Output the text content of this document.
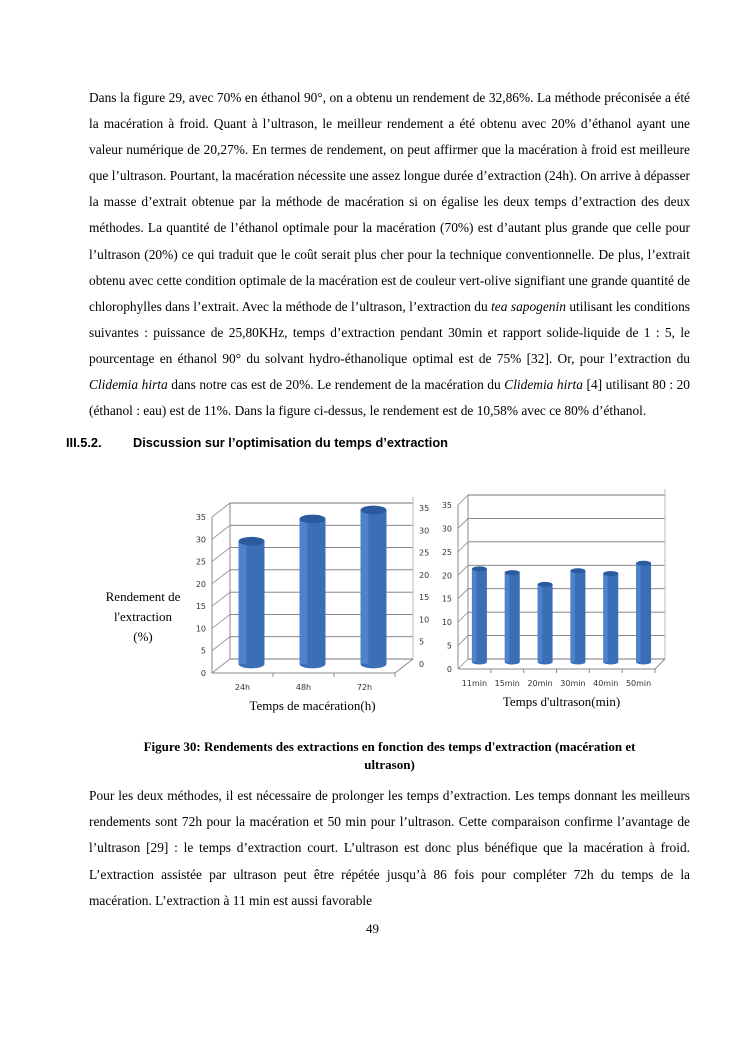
Dans la figure 29, avec 70% en éthanol 90°, on a obtenu un rendement de 32,86%. La méthode préconisée a été la macération à froid. Quant à l’ultrason, le meilleur rendement a été obtenu avec 20% d’éthanol ayant une valeur numérique de 20,27%. En termes de rendement, on peut affirmer que la macération à froid est meilleure que l’ultrason. Pourtant, la macération nécessite une assez longue durée d’extraction (24h). On arrive à dépasser la masse d’extrait obtenue par la méthode de macération si on égalise les deux temps d’extraction des deux méthodes. La quantité de l’éthanol optimale pour la macération (70%) est d’autant plus grande que celle pour l’ultrason (20%) ce qui traduit que le coût serait plus cher pour la technique conventionnelle. De plus, l’extrait obtenu avec cette condition optimale de la macération est de couleur vert-olive signifiant une grande quantité de chlorophylles dans l’extrait. Avec la méthode de l’ultrason, l’extraction du tea sapogenin utilisant les conditions suivantes : puissance de 25,80KHz, temps d’extraction pendant 30min et rapport solide-liquide de 1 : 5, le pourcentage en éthanol 90° du solvant hydro-éthanolique optimal est de 75% [32]. Or, pour l’extraction du Clidemia hirta dans notre cas est de 20%. Le rendement de la macération du Clidemia hirta [4] utilisant 80 : 20 (éthanol : eau) est de 11%. Dans la figure ci-dessus, le rendement est de 10,58% avec ce 80% d’éthanol.
III.5.2. Discussion sur l’optimisation du temps d’extraction
0
0
5
5
10
10
15
15
20
20
25
25
30
30
35
35
24h	48h	72h
Temps de macération(h)
Rendement de
l'extraction
(%)
0
5
10
15
20
25
30
35
11min 15min 20min 30min 40min 50min
Temps d'ultrason(min)
Figure 30: Rendements des extractions en fonction des temps d'extraction (macération et
ultrason)
Pour les deux méthodes, il est nécessaire de prolonger les temps d’extraction. Les temps donnant les meilleurs rendements sont 72h pour la macération et 50 min pour l’ultrason. Cette comparaison confirme l’avantage de l’ultrason [29] : le temps d’extraction court. L’ultrason est donc plus bénéfique que la macération à froid. L’extraction assistée par ultrason peut être répétée jusqu’à 86 fois pour compléter 72h du temps de la macération. L’extraction à 11 min est aussi favorable
49
